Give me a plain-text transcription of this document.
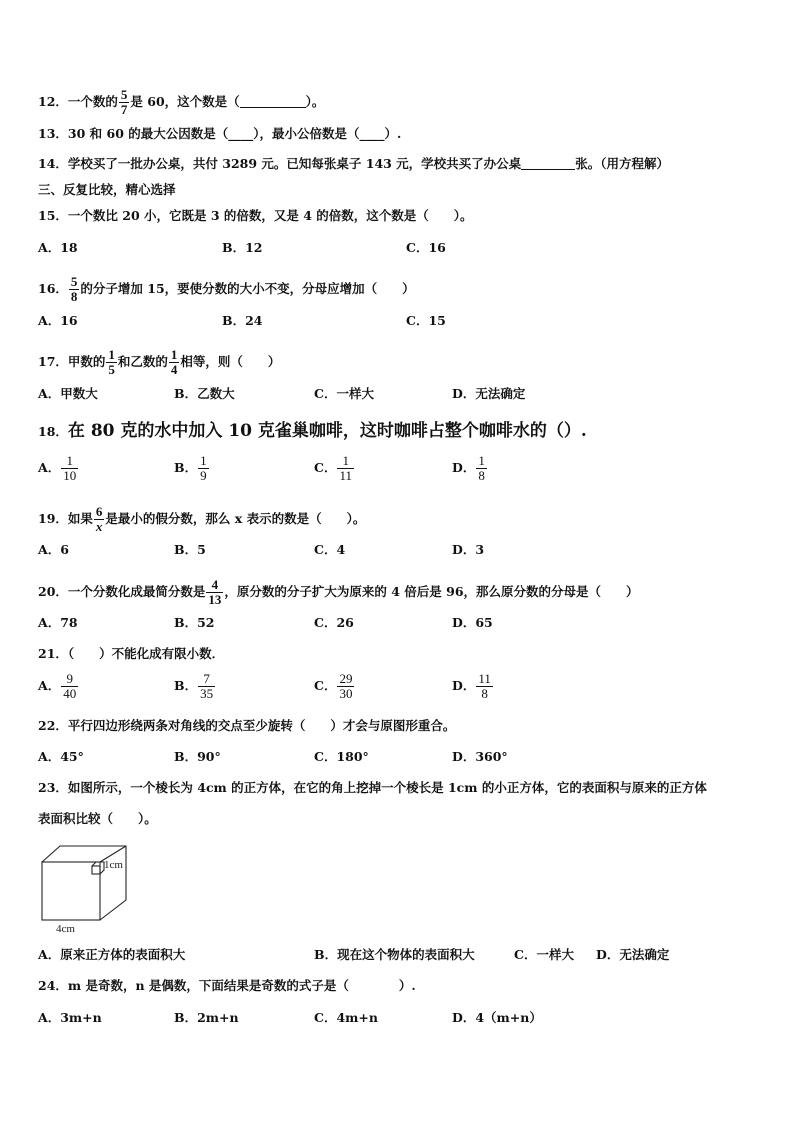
12．一个数的 $\frac{5}{7}$ 是 60，这个数是（	）。
13．30 和 60 的最大公因数是（____），最小公倍数是（____）.
14．学校买了一批办公桌，共付 3289 元。已知每张桌子 143 元，学校共买了办公桌	张。（用方程解）
三、反复比较，精心选择
15．一个数比 20 小，它既是 3 的倍数，又是 4 的倍数，这个数是（　　）。
A．18	B．12	C．16
16． $\frac{5}{8}$ 的分子增加 15，要使分数的大小不变，分母应增加（　　）
A．16	B．24	C．15
17．甲数的 $\frac{1}{5}$ 和乙数的 $\frac{1}{4}$ 相等，则（　　）
A．甲数大	B．乙数大	C．一样大	D．无法确定
18．在 80 克的水中加入 10 克雀巢咖啡，这时咖啡占整个咖啡水的（）.
A． $\frac{1}{10}$	B． $\frac{1}{9}$	C． $\frac{1}{11}$	D． $\frac{1}{8}$
19．如果 $\frac{6}{x}$ 是最小的假分数，那么 x 表示的数是（　　）。
A．6	B．5	C．4	D．3
20．一个分数化成最简分数是 $\frac{4}{13}$ ，原分数的分子扩大为原来的 4 倍后是 96，那么原分数的分母是（　　）
A．78	B．52	C．26	D．65
21．（　　）不能化成有限小数．
A． $\frac{9}{40}$	B． $\frac{7}{35}$	C． $\frac{29}{30}$	D． $\frac{11}{8}$
22．平行四边形绕两条对角线的交点至少旋转（　　）才会与原图形重合。
A．45°	B．90°	C．180°	D．360°
23．如图所示，一个棱长为 4cm 的正方体，在它的角上挖掉一个棱长是 1cm 的小正方体，它的表面积与原来的正方体
表面积比较（　　）。
1cm
4cm
A．原来正方体的表面积大	B．现在这个物体的表面积大	C．一样大 D．无法确定
24．m 是奇数，n 是偶数，下面结果是奇数的式子是（　　　　）.
A．3m+n	B．2m+n	C．4m+n	D．4（m+n）
